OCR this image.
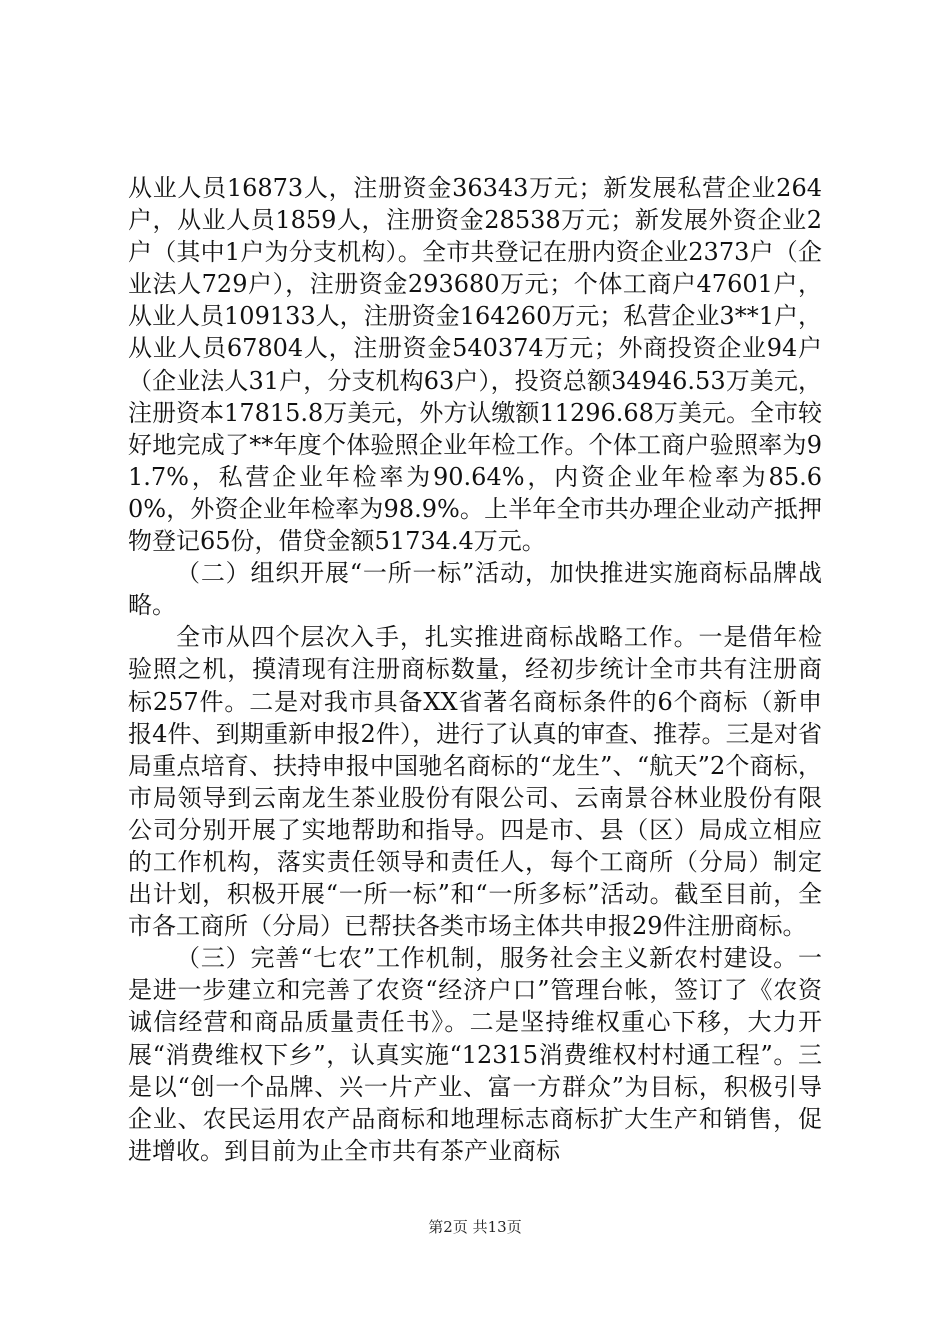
从业人员16873人，注册资金36343万元；新发展私营企业264户，从业人员1859人，注册资金28538万元；新发展外资企业2户（其中1户为分支机构）。全市共登记在册内资企业2373户（企业法人729户），注册资金293680万元；个体工商户47601户，从业人员109133人，注册资金164260万元；私营企业3**1户，从业人员67804人，注册资金540374万元；外商投资企业94户（企业法人31户，分支机构63户），投资总额34946.53万美元，注册资本17815.8万美元，外方认缴额11296.68万美元。全市较好地完成了**年度个体验照企业年检工作。个体工商户验照率为91.7%，私营企业年检率为90.64%，内资企业年检率为85.60%，外资企业年检率为98.9%。上半年全市共办理企业动产抵押物登记65份，借贷金额51734.4万元。

（二）组织开展“一所一标”活动，加快推进实施商标品牌战略。

全市从四个层次入手，扎实推进商标战略工作。一是借年检验照之机，摸清现有注册商标数量，经初步统计全市共有注册商标257件。二是对我市具备XX省著名商标条件的6个商标（新申报4件、到期重新申报2件），进行了认真的审查、推荐。三是对省局重点培育、扶持申报中国驰名商标的“龙生”、“航天”2个商标，市局领导到云南龙生茶业股份有限公司、云南景谷林业股份有限公司分别开展了实地帮助和指导。四是市、县（区）局成立相应的工作机构，落实责任领导和责任人，每个工商所（分局）制定出计划，积极开展“一所一标”和“一所多标”活动。截至目前，全市各工商所（分局）已帮扶各类市场主体共申报29件注册商标。

（三）完善“七农”工作机制，服务社会主义新农村建设。一是进一步建立和完善了农资“经济户口”管理台帐，签订了《农资诚信经营和商品质量责任书》。二是坚持维权重心下移，大力开展“消费维权下乡”，认真实施“12315消费维权村村通工程”。三是以“创一个品牌、兴一片产业、富一方群众”为目标，积极引导企业、农民运用农产品商标和地理标志商标扩大生产和销售，促进增收。到目前为止全市共有茶产业商标

第2页 共13页
